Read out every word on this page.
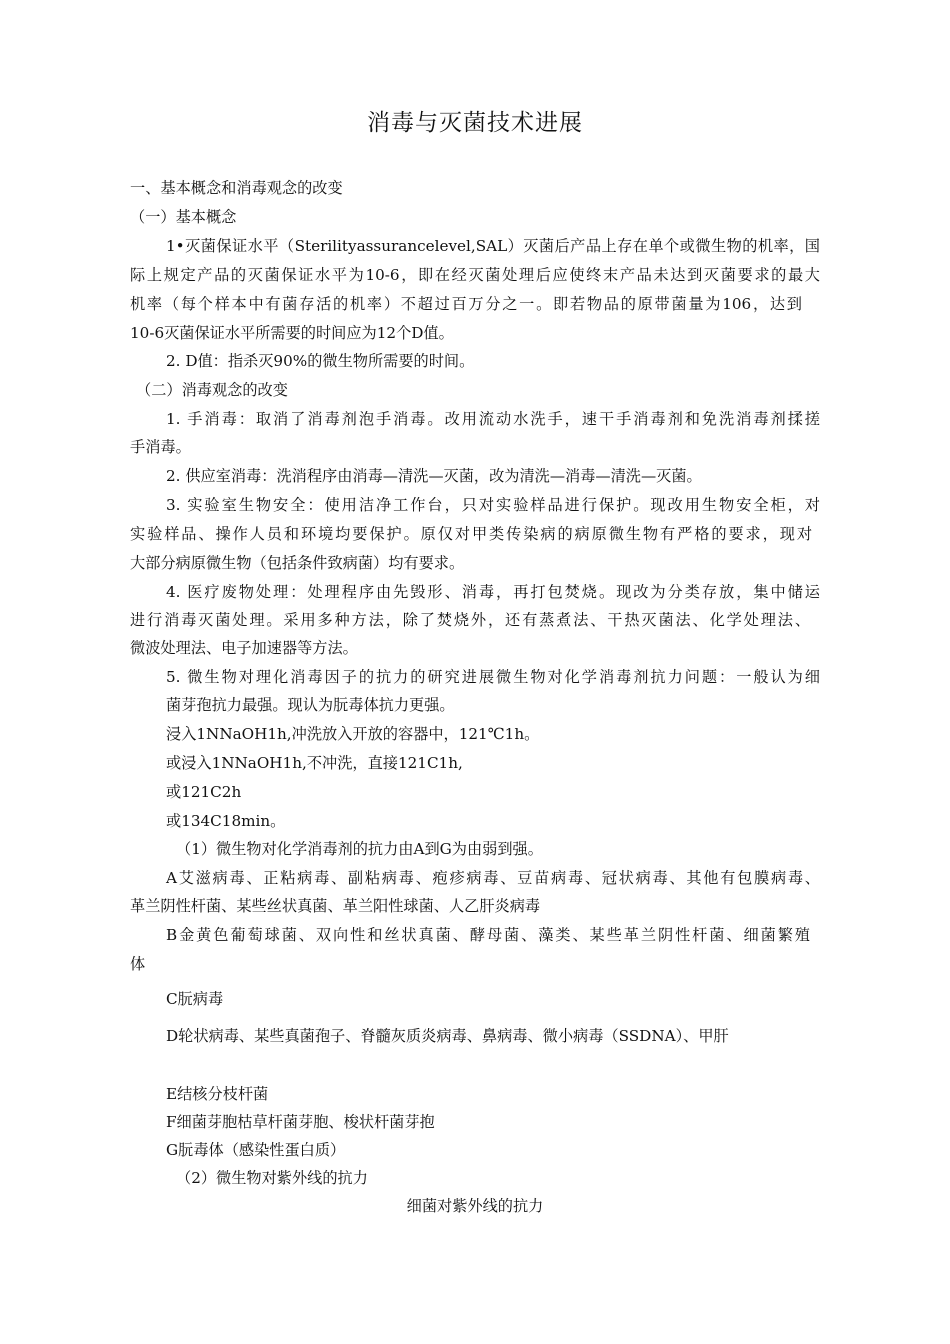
消毒与灭菌技术进展
一、基本概念和消毒观念的改变
（一）基本概念
1•灭菌保证水平（Sterilityassurancelevel,SAL）灭菌后产品上存在单个或微生物的机率，国
际上规定产品的灭菌保证水平为10-6，即在经灭菌处理后应使终末产品未达到灭菌要求的最大
机率（每个样本中有菌存活的机率）不超过百万分之一。即若物品的原带菌量为106，达到
10-6灭菌保证水平所需要的时间应为12个D值。
2. D值：指杀灭90%的微生物所需要的时间。
（二）消毒观念的改变
1. 手消毒：取消了消毒剂泡手消毒。改用流动水洗手，速干手消毒剂和免洗消毒剂揉搓
手消毒。
2. 供应室消毒：洗消程序由消毒—清洗—灭菌，改为清洗—消毒—清洗—灭菌。
3. 实验室生物安全：使用洁净工作台，只对实验样品进行保护。现改用生物安全柜，对
实验样品、操作人员和环境均要保护。原仅对甲类传染病的病原微生物有严格的要求，现对
大部分病原微生物（包括条件致病菌）均有要求。
4. 医疗废物处理：处理程序由先毁形、消毒，再打包焚烧。现改为分类存放，集中储运
进行消毒灭菌处理。采用多种方法，除了焚烧外，还有蒸煮法、干热灭菌法、化学处理法、
微波处理法、电子加速器等方法。
5. 微生物对理化消毒因子的抗力的研究进展微生物对化学消毒剂抗力问题：一般认为细
菌芽孢抗力最强。现认为朊毒体抗力更强。
浸入1NNaOH1h,冲洗放入开放的容器中，121℃1h。
或浸入1NNaOH1h,不冲洗，直接121C1h,
或121C2h
或134C18min。
（1）微生物对化学消毒剂的抗力由A到G为由弱到强。
A艾滋病毒、正粘病毒、副粘病毒、疱疹病毒、豆苗病毒、冠状病毒、其他有包膜病毒、
革兰阴性杆菌、某些丝状真菌、革兰阳性球菌、人乙肝炎病毒
B金黄色葡萄球菌、双向性和丝状真菌、酵母菌、藻类、某些革兰阴性杆菌、细菌繁殖
体
C朊病毒
D轮状病毒、某些真菌孢子、脊髓灰质炎病毒、鼻病毒、微小病毒（SSDNA）、甲肝
E结核分枝杆菌
F细菌芽胞枯草杆菌芽胞、梭状杆菌芽抱
G朊毒体（感染性蛋白质）
（2）微生物对紫外线的抗力
细菌对紫外线的抗力
